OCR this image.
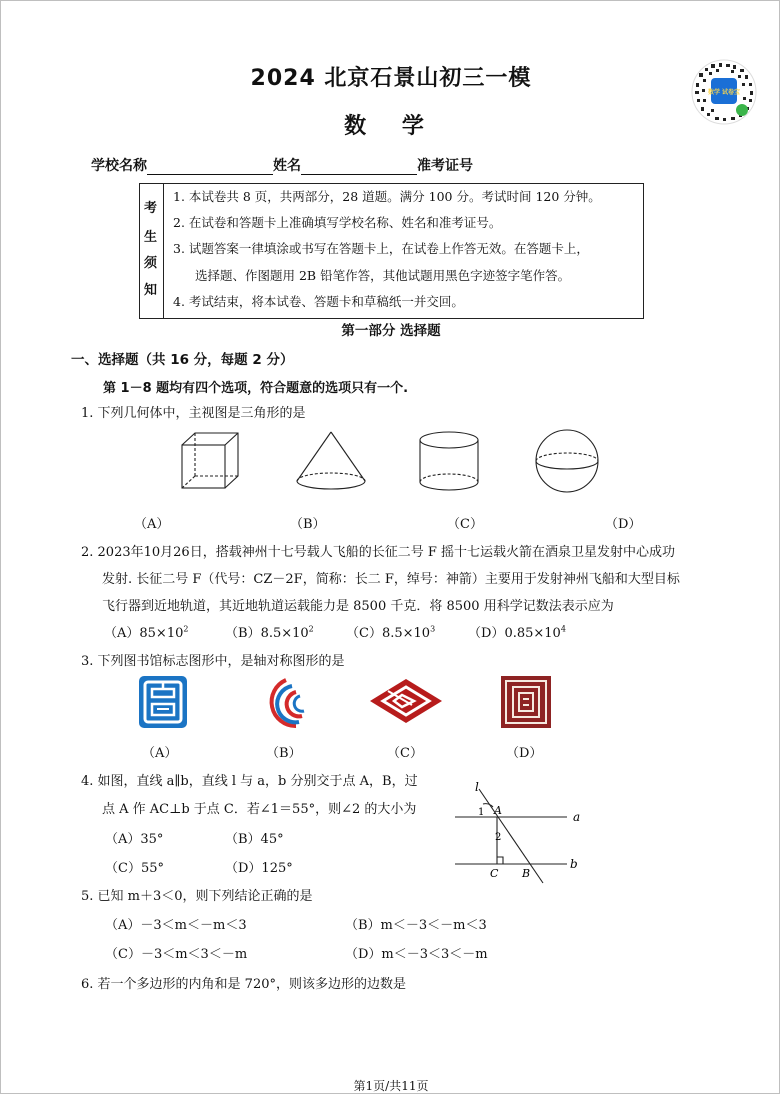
2024 北京石景山初三一模
数 学
数学 试卷宝
学校名称	姓名	准考证号
考
生
须
知
1. 本试卷共 8 页，共两部分，28 道题。满分 100 分。考试时间 120 分钟。
2. 在试卷和答题卡上准确填写学校名称、姓名和准考证号。
3. 试题答案一律填涂或书写在答题卡上，在试卷上作答无效。在答题卡上，
选择题、作图题用 2B 铅笔作答，其他试题用黑色字迹签字笔作答。
4. 考试结束，将本试卷、答题卡和草稿纸一并交回。
第一部分 选择题
一、选择题（共 16 分，每题 2 分）
第 1－8 题均有四个选项，符合题意的选项只有一个.
1. 下列几何体中，主视图是三角形的是
（A）	（B）	（C）	（D）
2. 2023年10月26日，搭载神州十七号载人飞船的长征二号 F 摇十七运载火箭在酒泉卫星发射中心成功
发射. 长征二号 F（代号：CZ－2F，简称：长二 F，绰号：神箭）主要用于发射神州飞船和大型目标
飞行器到近地轨道，其近地轨道运载能力是 8500 千克．将 8500 用科学记数法表示应为
$(A)85\times 10^2$	$(B)8.5\times 10^2$ $(C)8.5\times 10^3$	$(D)0.85\times 10^4$
3. 下列图书馆标志图形中，是轴对称图形的是
（A）	（B）	（C）	（D）
4. 如图，直线 a∥b，直线 l 与 a，b 分别交于点 A，B，过
点 A 作 AC⊥b 于点 C．若∠1＝55°，则∠2 的大小为
（A）35°	（B）45°
（C）55°	（D）125°
l
a
b
A
B
C
1
2
5. 已知 m＋3＜0，则下列结论正确的是
（A）－3＜m＜－m＜3	（B）m＜－3＜－m＜3
（C）－3＜m＜3＜－m	（D）m＜－3＜3＜－m
6. 若一个多边形的内角和是 720°，则该多边形的边数是
第1页/共11页
